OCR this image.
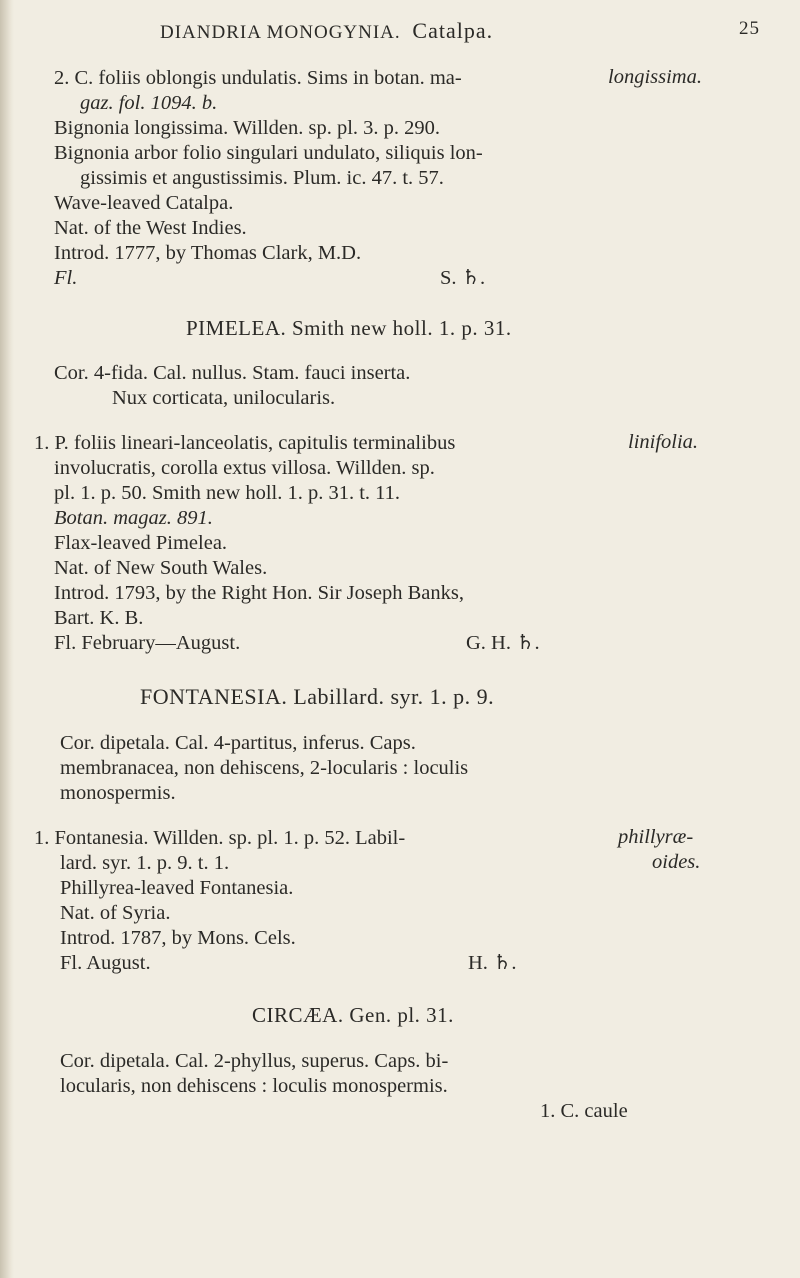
DIANDRIA MONOGYNIA. Catalpa.	25
2. C. foliis oblongis undulatis. Sims in botan. ma-
gaz. fol. 1094. b.
Bignonia longissima. Willden. sp. pl. 3. p. 290.
Bignonia arbor folio singulari undulato, siliquis lon-
gissimis et angustissimis. Plum. ic. 47. t. 57.
Wave-leaved Catalpa.
Nat. of the West Indies.
Introd. 1777, by Thomas Clark, M.D.
Fl.	S. ♄.
longissima.
PIMELEA. Smith new holl. 1. p. 31.
Cor. 4-fida. Cal. nullus. Stam. fauci inserta.
Nux corticata, unilocularis.
1. P. foliis lineari-lanceolatis, capitulis terminalibus
involucratis, corolla extus villosa. Willden. sp.
pl. 1. p. 50. Smith new holl. 1. p. 31. t. 11.
Botan. magaz. 891.
Flax-leaved Pimelea.
Nat. of New South Wales.
Introd. 1793, by the Right Hon. Sir Joseph Banks,
Bart. K. B.
Fl. February—August.	G. H. ♄.
linifolia.
FONTANESIA. Labillard. syr. 1. p. 9.
Cor. dipetala. Cal. 4-partitus, inferus. Caps.
membranacea, non dehiscens, 2-locularis : loculis
monospermis.
1. Fontanesia. Willden. sp. pl. 1. p. 52. Labil-
lard. syr. 1. p. 9. t. 1.
Phillyrea-leaved Fontanesia.
Nat. of Syria.
Introd. 1787, by Mons. Cels.
Fl. August.	H. ♄.
phillyræ-
oides.
CIRCÆA. Gen. pl. 31.
Cor. dipetala. Cal. 2-phyllus, superus. Caps. bi-
locularis, non dehiscens : loculis monospermis.
1. C. caule
